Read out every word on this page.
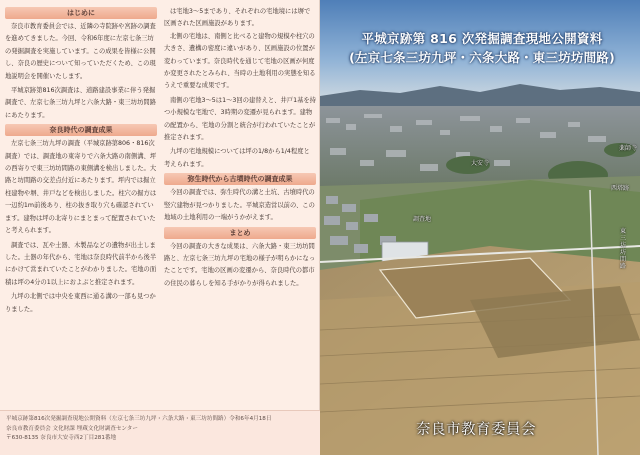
はじめに
奈良市教育委員会では、近隣の寺院跡や宮跡の調査を進めてきました。今回、令和6年度に左京七条三坊の発掘調査を実施しています。この成果を皆様に公開し、奈良の歴史について知っていただくため、この現地説明会を開催いたします。
平城京跡第816次調査は、道路建設事業に伴う発掘調査で、左京七条三坊九坪と六条大路・東三坊坊間路にあたります。
奈良時代の調査成果
左京七条三坊九坪の調査（平城京跡第806・816次調査）では、調査地の東寄りで六条大路の南側溝、坪の西寄りで東三坊坊間路の東側溝を検出しました。大路と坊間路の交差点付近にあたります。坪内では掘立柱建物や塀、井戸などを検出しました。柱穴の掘方は一辺約1m前後あり、柱の抜き取り穴も確認されています。建物は坪の北寄りにまとまって配置されていたと考えられます。
調査では、瓦や土器、木製品などの遺物が出土しました。土器の年代から、宅地は奈良時代前半から後半にかけて営まれていたことがわかりました。宅地の面積は坪の4分の1以上におよぶと推定されます。
九坪の北側では中央を東西に通る溝の一部も見つかりました。
は宅地3〜5まであり、それぞれの宅地境には塀で区画された区画施設があります。
北側の宅地は、南側と比べると建物の規模や柱穴の大きさ、遺構の密度に違いがあり、区画施設の位置が変わっています。奈良時代を通じて宅地の区画が何度か変更されたとみられ、当時の土地利用の実態を知るうえで重要な成果です。
南側の宅地3〜5は1〜3回の建替えと、井戸1基を持つ小規模な宅地で、3時期の変遷が見られます。建物の配置から、宅地の分割と統合が行われていたことが推定されます。
九坪の宅地規模については坪の1/8から1/4程度と考えられます。
弥生時代から古墳時代の調査成果
今回の調査では、弥生時代の溝と土坑、古墳時代の竪穴建物が見つかりました。平城京造営以前の、この地域の土地利用の一端がうかがえます。
まとめ
今回の調査の大きな成果は、六条大路・東三坊坊間路と、左京七条三坊九坪の宅地の様子が明らかになったことです。宅地の区画の変遷から、奈良時代の都市の住民の暮らしを知る手がかりが得られました。
平城京跡第816次発掘調査現地公開資料（左京七条三坊九坪・六条大路・東三坊坊間路）令和6年4月18日
奈良市教育委員会 文化財課 埋蔵文化財調査センター
〒630-8135 奈良市大安寺西2丁目281番地
平城京跡第 816 次発掘調査現地公開資料
(左京七条三坊九坪・六条大路・東三坊坊間路)
大安寺
薬師寺
西塔跡
東三坊坊間路
調査地
奈良市教育委員会
